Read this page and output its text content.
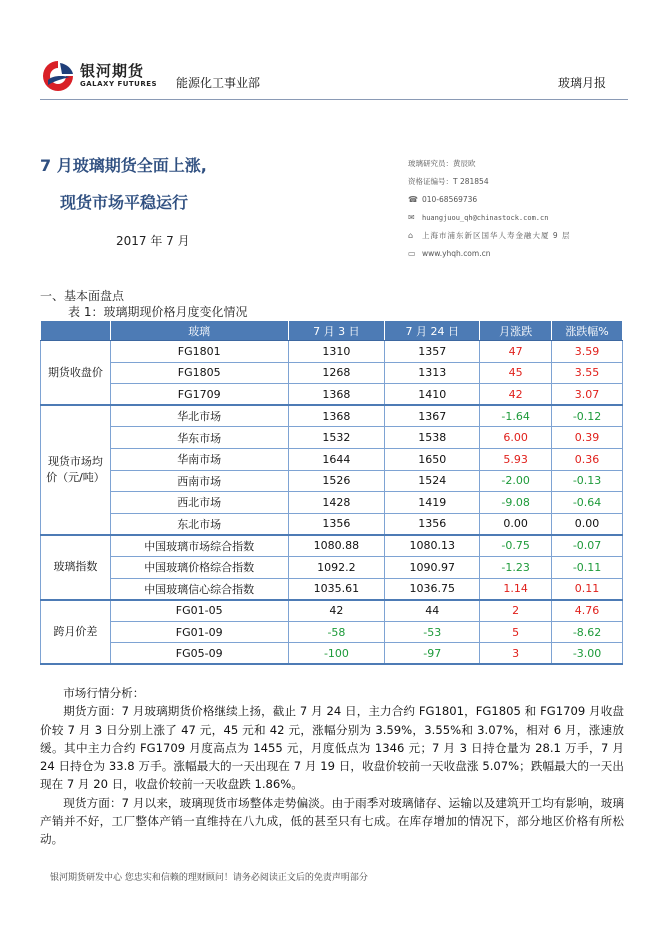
银河期货
GALAXY FUTURES 能源化工事业部	玻璃月报
7 月玻璃期货全面上涨,
现货市场平稳运行
2017 年 7 月
玻璃研究员：黄辰欧
资格证编号：T 281854
☎ 010-68569736
✉	huangjuou_qh@chinastock.com.cn
⌂	上海市浦东新区国华人寿金融大厦 9 层
▭ www.yhqh.com.cn
一、基本面盘点
表 1：玻璃期现价格月度变化情况
	玻璃	7 月 3 日	7 月 24 日	月涨跌	涨跌幅%
期货收盘价	FG1801	1310	1357	47	3.59
	FG1805	1268	1313	45	3.55
	FG1709	1368	1410	42	3.07

现货市场均
价（元/吨）	华北市场	1368	1367	-1.64	-0.12
	华东市场	1532	1538	6.00	0.39
	华南市场	1644	1650	5.93	0.36
	西南市场	1526	1524	-2.00	-0.13
	西北市场	1428	1419	-9.08	-0.64
	东北市场	1356	1356	0.00	0.00
玻璃指数	中国玻璃市场综合指数	1080.88	1080.13	-0.75	-0.07
	中国玻璃价格综合指数	1092.2	1090.97	-1.23	-0.11
	中国玻璃信心综合指数	1035.61	1036.75	1.14	0.11
跨月价差	FG01-05	42	44	2	4.76
	FG01-09	-58	-53	5	-8.62
	FG05-09	-100	-97	3	-3.00

市场行情分析：

期货方面：7 月玻璃期货价格继续上扬，截止 7 月 24 日，主力合约 FG1801，FG1805 和 FG1709 月收盘价较 7 月 3 日分别上涨了 47 元，45 元和 42 元，涨幅分别为 3.59%，3.55%和 3.07%，相对 6 月，涨速放缓。其中主力合约 FG1709 月度高点为 1455 元，月度低点为 1346 元；7 月 3 日持仓量为 28.1 万手，7 月 24 日持仓为 33.8 万手。涨幅最大的一天出现在 7 月 19 日，收盘价较前一天收盘涨 5.07%；跌幅最大的一天出现在 7 月 20 日，收盘价较前一天收盘跌 1.86%。

现货方面：7 月以来，玻璃现货市场整体走势偏淡。由于雨季对玻璃储存、运输以及建筑开工均有影响，玻璃产销并不好，工厂整体产销一直维持在八九成，低的甚至只有七成。在库存增加的情况下，部分地区价格有所松动。

银河期货研发中心 您忠实和信赖的理财顾问！请务必阅读正文后的免责声明部分
